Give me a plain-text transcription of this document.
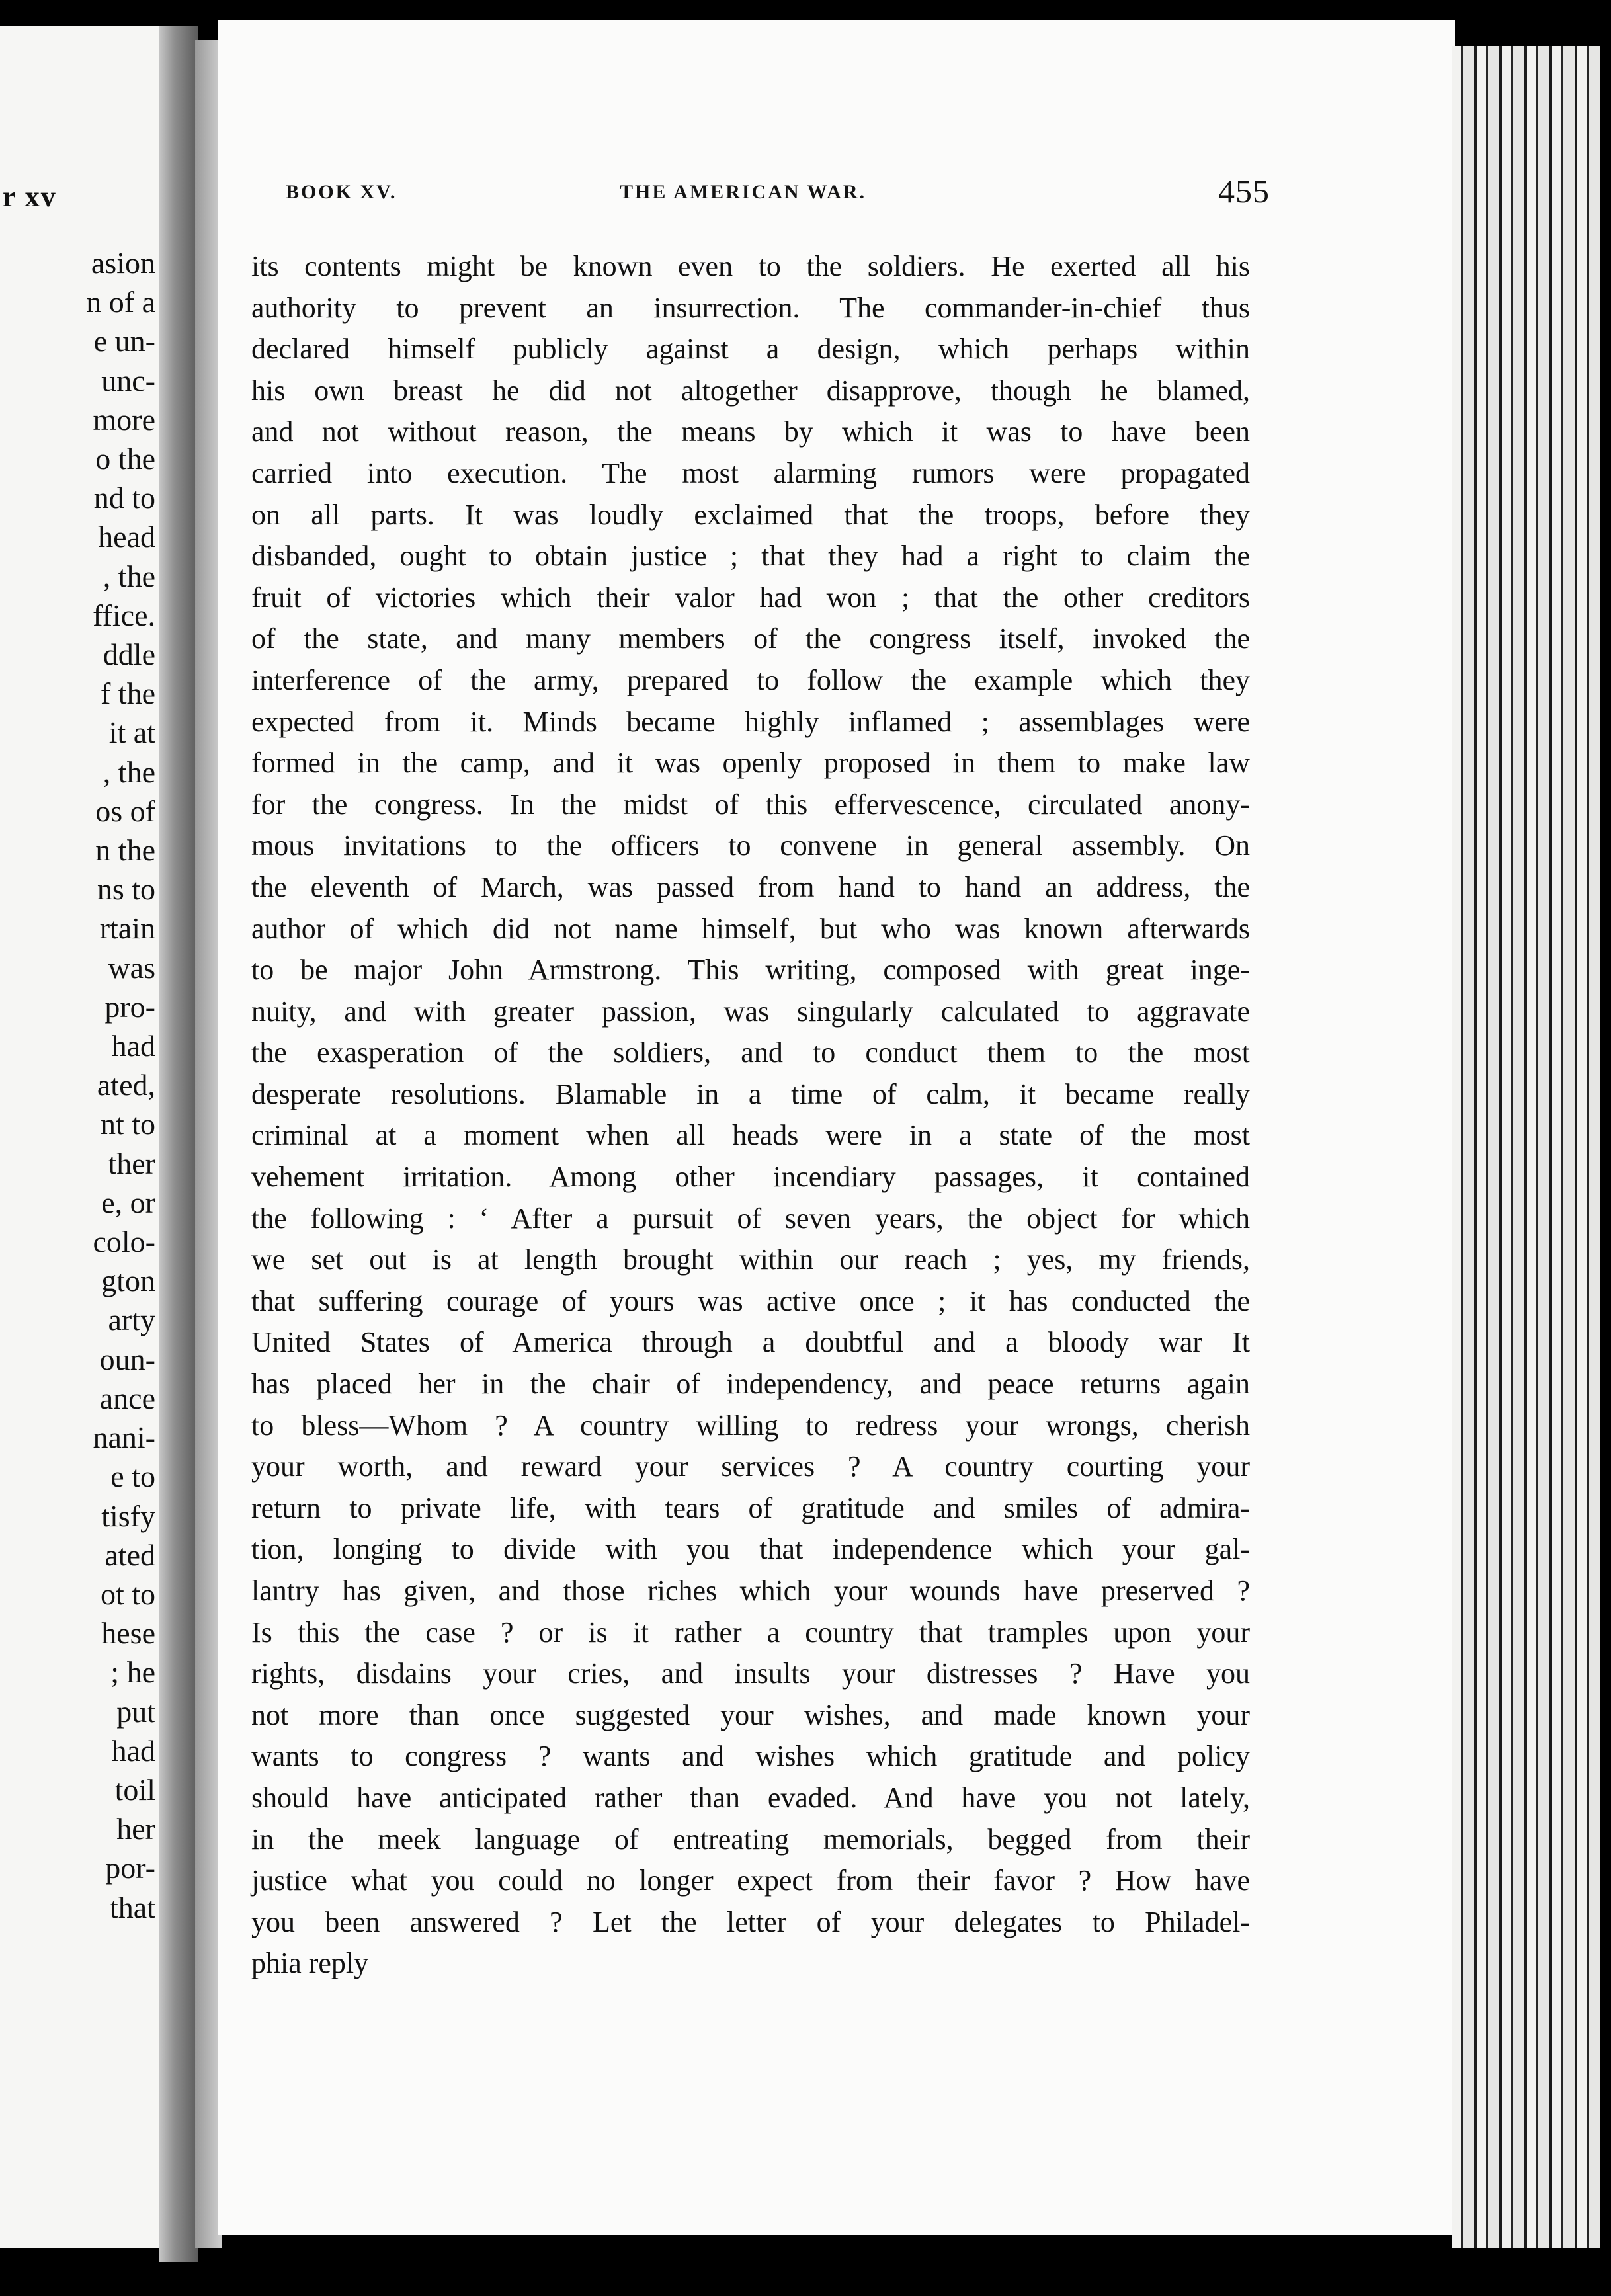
r xv
asion
n of a
e un-
unc-
more
o the
nd to
head
, the
ffice.
ddle
f the
it at
, the
os of
n the
ns to
rtain
was
pro-
had
ated,
nt to
ther
e, or
colo-
gton
arty
oun-
ance
nani-
e to
tisfy
ated
ot to
hese
; he
put
had
toil
her
por-
that
BOOK XV.	THE AMERICAN WAR.	455
its contents might be known even to the soldiers. He exerted all his
authority to prevent an insurrection. The commander-in-chief thus
declared himself publicly against a design, which perhaps within
his own breast he did not altogether disapprove, though he blamed,
and not without reason, the means by which it was to have been
carried into execution. The most alarming rumors were propagated
on all parts. It was loudly exclaimed that the troops, before they
disbanded, ought to obtain justice ; that they had a right to claim the
fruit of victories which their valor had won ; that the other creditors
of the state, and many members of the congress itself, invoked the
interference of the army, prepared to follow the example which they
expected from it. Minds became highly inflamed ; assemblages were
formed in the camp, and it was openly proposed in them to make law
for the congress. In the midst of this effervescence, circulated anony-
mous invitations to the officers to convene in general assembly. On
the eleventh of March, was passed from hand to hand an address, the
author of which did not name himself, but who was known afterwards
to be major John Armstrong. This writing, composed with great inge-
nuity, and with greater passion, was singularly calculated to aggravate
the exasperation of the soldiers, and to conduct them to the most
desperate resolutions. Blamable in a time of calm, it became really
criminal at a moment when all heads were in a state of the most
vehement irritation. Among other incendiary passages, it contained
the following : ‘ After a pursuit of seven years, the object for which
we set out is at length brought within our reach ; yes, my friends,
that suffering courage of yours was active once ; it has conducted the
United States of America through a doubtful and a bloody war It
has placed her in the chair of independency, and peace returns again
to bless—Whom ? A country willing to redress your wrongs, cherish
your worth, and reward your services ? A country courting your
return to private life, with tears of gratitude and smiles of admira-
tion, longing to divide with you that independence which your gal-
lantry has given, and those riches which your wounds have preserved ?
Is this the case ? or is it rather a country that tramples upon your
rights, disdains your cries, and insults your distresses ? Have you
not more than once suggested your wishes, and made known your
wants to congress ? wants and wishes which gratitude and policy
should have anticipated rather than evaded. And have you not lately,
in the meek language of entreating memorials, begged from their
justice what you could no longer expect from their favor ? How have
you been answered ? Let the letter of your delegates to Philadel-
phia reply
